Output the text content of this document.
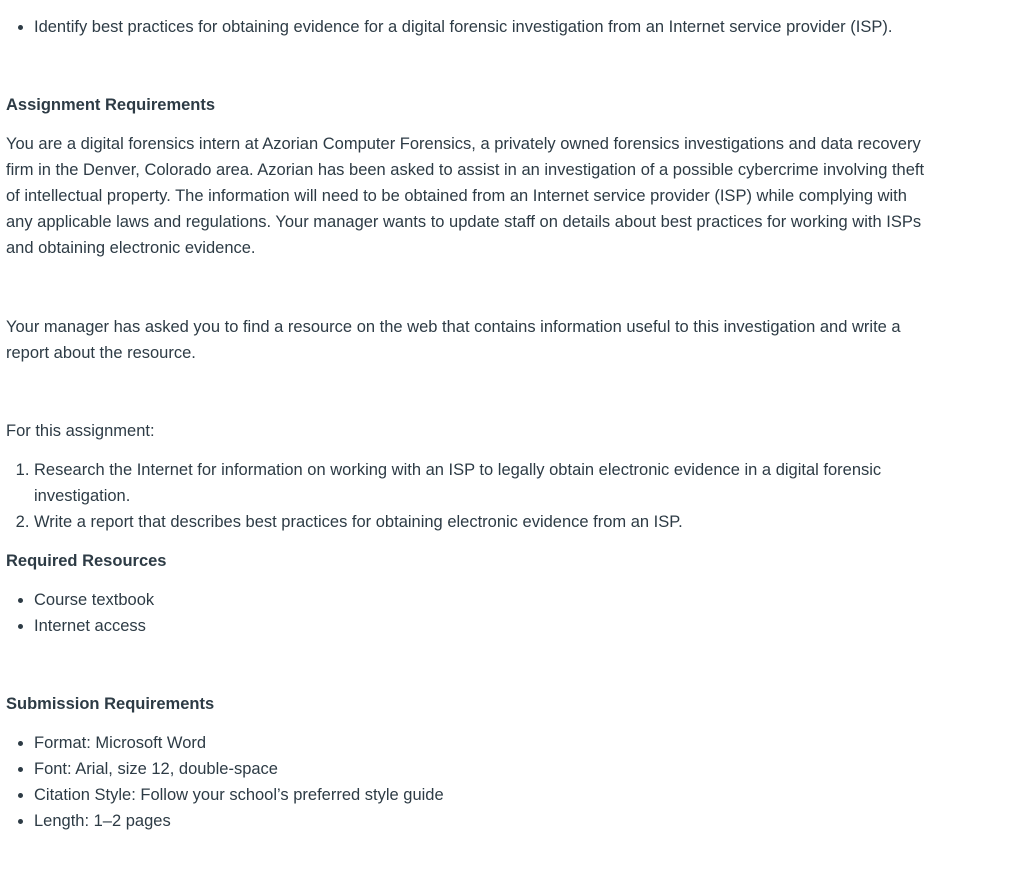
• Identify best practices for obtaining evidence for a digital forensic investigation from an Internet service provider (ISP).
Assignment Requirements

You are a digital forensics intern at Azorian Computer Forensics, a privately owned forensics investigations and data recovery firm in the Denver, Colorado area. Azorian has been asked to assist in an investigation of a possible cybercrime involving theft of intellectual property. The information will need to be obtained from an Internet service provider (ISP) while complying with any applicable laws and regulations. Your manager wants to update staff on details about best practices for working with ISPs and obtaining electronic evidence.

Your manager has asked you to find a resource on the web that contains information useful to this investigation and write a report about the resource.

For this assignment:

1. Research the Internet for information on working with an ISP to legally obtain electronic evidence in a digital forensic investigation.
2. Write a report that describes best practices for obtaining electronic evidence from an ISP.
Required Resources
• Course textbook
• Internet access
Submission Requirements
• Format: Microsoft Word
• Font: Arial, size 12, double-space
• Citation Style: Follow your school’s preferred style guide
• Length: 1–2 pages
